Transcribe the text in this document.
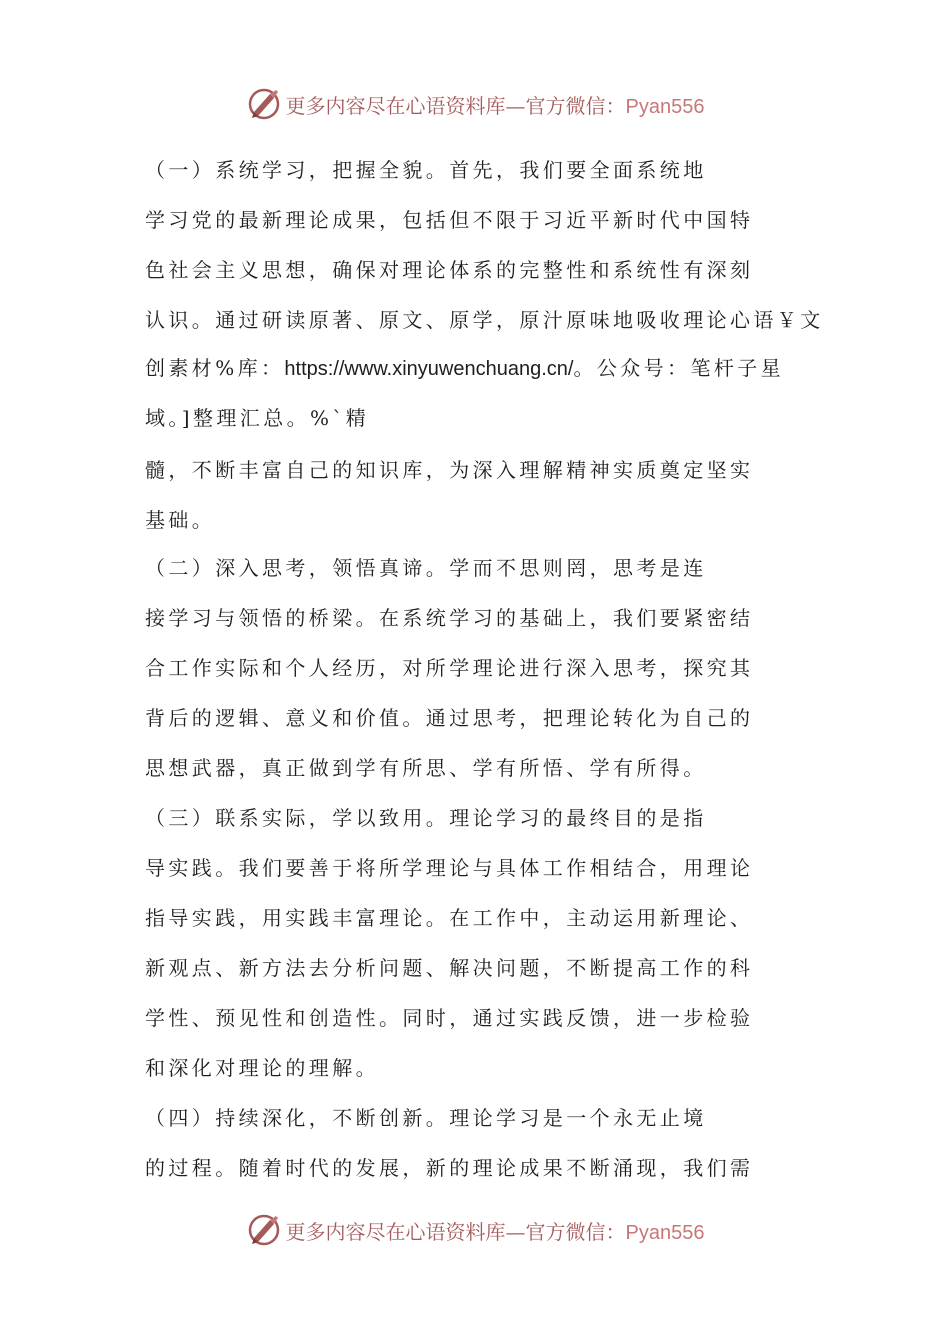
更多内容尽在心语资料库—官方微信：Pyan556
（一）系统学习，把握全貌。首先，我们要全面系统地
学习党的最新理论成果，包括但不限于习近平新时代中国特
色社会主义思想，确保对理论体系的完整性和系统性有深刻
认识。通过研读原著、原文、原学，原汁原味地吸收理论心语￥文
创素材%库：https://www.xinyuwenchuang.cn/。公众号：笔杆子星
域。]整理汇总。%`精
髓，不断丰富自己的知识库，为深入理解精神实质奠定坚实
基础。
（二）深入思考，领悟真谛。学而不思则罔，思考是连
接学习与领悟的桥梁。在系统学习的基础上，我们要紧密结
合工作实际和个人经历，对所学理论进行深入思考，探究其
背后的逻辑、意义和价值。通过思考，把理论转化为自己的
思想武器，真正做到学有所思、学有所悟、学有所得。
（三）联系实际，学以致用。理论学习的最终目的是指
导实践。我们要善于将所学理论与具体工作相结合，用理论
指导实践，用实践丰富理论。在工作中，主动运用新理论、
新观点、新方法去分析问题、解决问题，不断提高工作的科
学性、预见性和创造性。同时，通过实践反馈，进一步检验
和深化对理论的理解。
（四）持续深化，不断创新。理论学习是一个永无止境
的过程。随着时代的发展，新的理论成果不断涌现，我们需
更多内容尽在心语资料库—官方微信：Pyan556
